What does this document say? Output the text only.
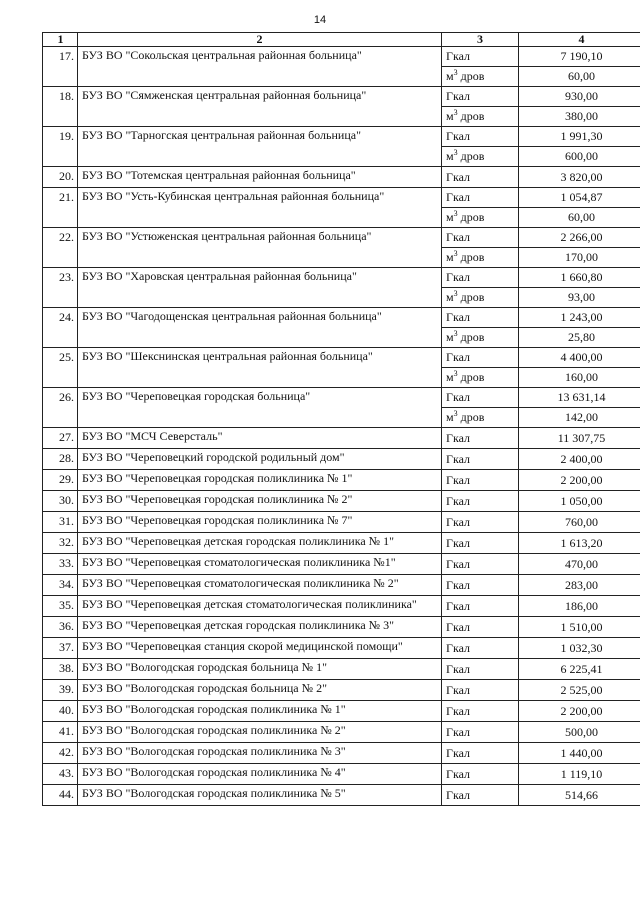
14
1	2	3	4
17.	БУЗ ВО "Сокольская центральная районная больница"	Гкал	7 190,10
		$м^3$ дров	60,00
18.	БУЗ ВО "Сямженская центральная районная больница"	Гкал	930,00
		$м^3$ дров	380,00
19.	БУЗ ВО "Тарногская центральная районная больница"	Гкал	1 991,30
		$м^3$ дров	600,00
20.	БУЗ ВО "Тотемская центральная районная больница"	Гкал	3 820,00
21.	БУЗ ВО "Усть-Кубинская центральная районная больница"	Гкал	1 054,87
		$м^3$ дров	60,00
22.	БУЗ ВО "Устюженская центральная районная больница"	Гкал	2 266,00
		$м^3$ дров	170,00
23.	БУЗ ВО "Харовская центральная районная больница"	Гкал	1 660,80
		$м^3$ дров	93,00
24.	БУЗ ВО "Чагодощенская центральная районная больница"	Гкал	1 243,00
		$м^3$ дров	25,80
25.	БУЗ ВО "Шекснинская центральная районная больница"	Гкал	4 400,00
		$м^3$ дров	160,00
26.	БУЗ ВО "Череповецкая городская больница"	Гкал	13 631,14
		$м^3$ дров	142,00
27.	БУЗ ВО "МСЧ Северсталь"	Гкал	11 307,75
28.	БУЗ ВО "Череповецкий городской родильный дом"	Гкал	2 400,00
29.	БУЗ ВО "Череповецкая городская поликлиника № 1"	Гкал	2 200,00
30.	БУЗ ВО "Череповецкая городская поликлиника № 2"	Гкал	1 050,00
31.	БУЗ ВО "Череповецкая городская поликлиника № 7"	Гкал	760,00
32.	БУЗ ВО "Череповецкая детская городская поликлиника № 1"	Гкал	1 613,20
33.	БУЗ ВО "Череповецкая стоматологическая поликлиника №1"	Гкал	470,00
34.	БУЗ ВО "Череповецкая стоматологическая поликлиника № 2"	Гкал	283,00
35.	БУЗ ВО "Череповецкая детская стоматологическая поликлиника"	Гкал	186,00
36.	БУЗ ВО "Череповецкая детская городская поликлиника № 3"	Гкал	1 510,00
37.	БУЗ ВО "Череповецкая станция скорой медицинской помощи"	Гкал	1 032,30
38.	БУЗ ВО "Вологодская городская больница № 1"	Гкал	6 225,41
39.	БУЗ ВО "Вологодская городская больница № 2"	Гкал	2 525,00
40.	БУЗ ВО "Вологодская городская поликлиника № 1"	Гкал	2 200,00
41.	БУЗ ВО "Вологодская городская поликлиника № 2"	Гкал	500,00
42.	БУЗ ВО "Вологодская городская поликлиника № 3"	Гкал	1 440,00
43.	БУЗ ВО "Вологодская городская поликлиника № 4"	Гкал	1 119,10
44.	БУЗ ВО "Вологодская городская поликлиника № 5"	Гкал	514,66
